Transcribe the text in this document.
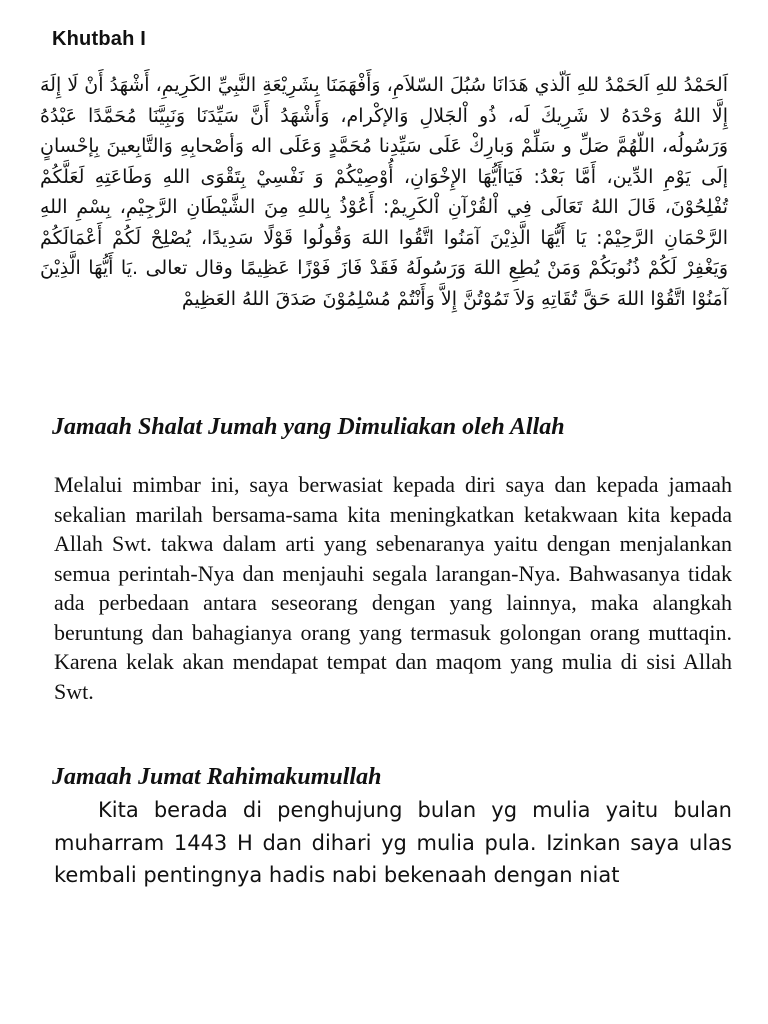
Khutbah I
اَلحَمْدُ للهِ اَلحَمْدُ للهِ اَلّذي هَدَانَا سُبُلَ السّلاَمِ، وَأَفْهَمَنَا بِشَرِيْعَةِ النَّبِيِّ الكَرِيمِ، أَشْهَدُ أَنْ لَا إِلَهَ إِلَّا اللهُ وَحْدَهُ لا شَرِيكَ لَه، ذُو اْلجَلالِ وَالإكْرام، وَأَشْهَدُ أَنَّ سَيِّدَنَا وَنَبِيَّنَا مُحَمَّدًا عَبْدُهُ وَرَسُولُه، اللّهُمَّ صَلِّ و سَلِّمْ وَبارِكْ عَلَى سَيِّدِنا مُحَمَّدٍ وَعَلَى اله وَأصْحابِهِ وَالتَّابِعينَ بِإحْسانٍ إلَى يَوْمِ الدِّين، أَمَّا بَعْدُ: فَيَاأَيُّهَا الإِخْوَانِ، أُوْصِيْكُمْ وَ نَفْسِيْ بِتَقْوَى اللهِ وَطَاعَتِهِ لَعَلَّكُمْ تُفْلِحُوْنَ، قَالَ اللهُ تَعَالَى فِي اْلقُرْآنِ اْلكَرِيمْ: أَعُوْذُ بِاللهِ مِنَ الشَّيْطَانِ الرَّجِيْمِ، بِسْمِ اللهِ الرَّحْمَانِ الرَّحِيْمْ: يَا أَيُّهَا الَّذِيْنَ آمَنُوا اتَّقُوا اللهَ وَقُولُوا قَوْلًا سَدِيدًا، يُصْلِحْ لَكُمْ أَعْمَالَكُمْ وَيَغْفِرْ لَكُمْ ذُنُوبَكُمْ وَمَنْ يُطِعِ اللهَ وَرَسُولَهُ فَقَدْ فَازَ فَوْزًا عَظِيمًا وقال تعالى .يَا أَيُّهَا الَّذِيْنَ آمَنُوْا اتَّقُوْا اللهَ حَقَّ تُقَاتِهِ وَلاَ تَمُوْتُنَّ إِلاَّ وَأَنْتُمْ مُسْلِمُوْنَ صَدَقَ اللهُ العَظِيمْ
Jamaah Shalat Jumah yang Dimuliakan oleh Allah
Melalui mimbar ini, saya berwasiat kepada diri saya dan kepada jamaah sekalian marilah bersama-sama kita meningkatkan ketakwaan kita kepada Allah Swt. takwa dalam arti yang sebenaranya yaitu dengan menjalankan semua perintah-Nya dan menjauhi segala larangan-Nya. Bahwasanya tidak ada perbedaan antara seseorang dengan yang lainnya, maka alangkah beruntung dan bahagianya orang yang termasuk golongan orang muttaqin. Karena kelak akan mendapat tempat dan maqom yang mulia di sisi Allah Swt.
Jamaah Jumat Rahimakumullah
Kita berada di penghujung bulan yg mulia yaitu bulan muharram 1443 H dan dihari yg mulia pula. Izinkan saya ulas kembali pentingnya hadis nabi bekenaah dengan niat
